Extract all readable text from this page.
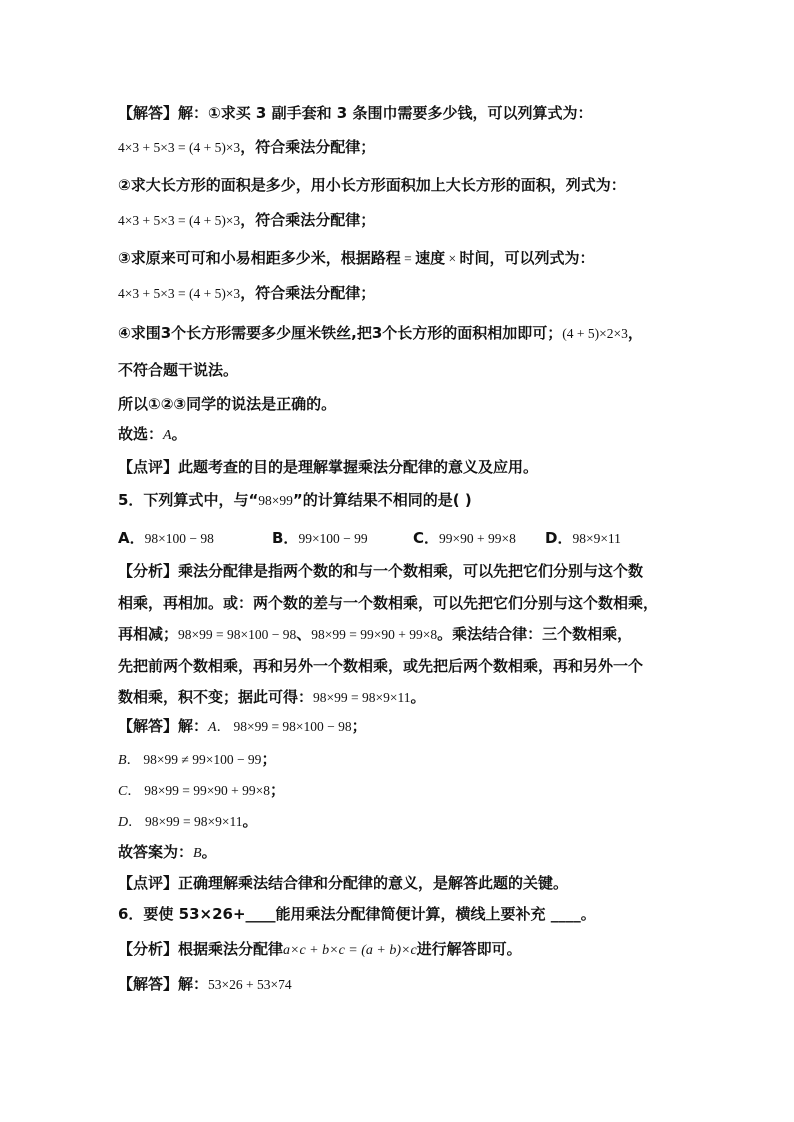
【解答】解：①求买 3 副手套和 3 条围巾需要多少钱，可以列算式为：
4×3 + 5×3 = (4 + 5)×3，符合乘法分配律；
②求大长方形的面积是多少，用小长方形面积加上大长方形的面积，列式为：
4×3 + 5×3 = (4 + 5)×3，符合乘法分配律；
③求原来可可和小易相距多少米，根据路程 = 速度 × 时间，可以列式为：
4×3 + 5×3 = (4 + 5)×3，符合乘法分配律；
④求围3个长方形需要多少厘米铁丝,把3个长方形的面积相加即可；(4 + 5)×2×3，
不符合题干说法。
所以①②③同学的说法是正确的。
故选：A。
【点评】此题考查的目的是理解掌握乘法分配律的意义及应用。
5．下列算式中，与“98×99”的计算结果不相同的是( )
A．98×100 − 98	B．99×100 − 99	C．99×90 + 99×8 D．98×9×11
【分析】乘法分配律是指两个数的和与一个数相乘，可以先把它们分别与这个数
相乘，再相加。或：两个数的差与一个数相乘，可以先把它们分别与这个数相乘，
再相减；98×99 = 98×100 − 98、98×99 = 99×90 + 99×8。乘法结合律：三个数相乘，
先把前两个数相乘，再和另外一个数相乘，或先把后两个数相乘，再和另外一个
数相乘，积不变；据此可得：98×99 = 98×9×11。
【解答】解：A． 98×99 = 98×100 − 98；
B． 98×99 ≠ 99×100 − 99；
C． 98×99 = 99×90 + 99×8；
D． 98×99 = 98×9×11。
故答案为：B。
【点评】正确理解乘法结合律和分配律的意义，是解答此题的关键。
6．要使 53×26+____能用乘法分配律简便计算，横线上要补充 ____。
【分析】根据乘法分配律a×c + b×c = (a + b)×c进行解答即可。
【解答】解：53×26 + 53×74
